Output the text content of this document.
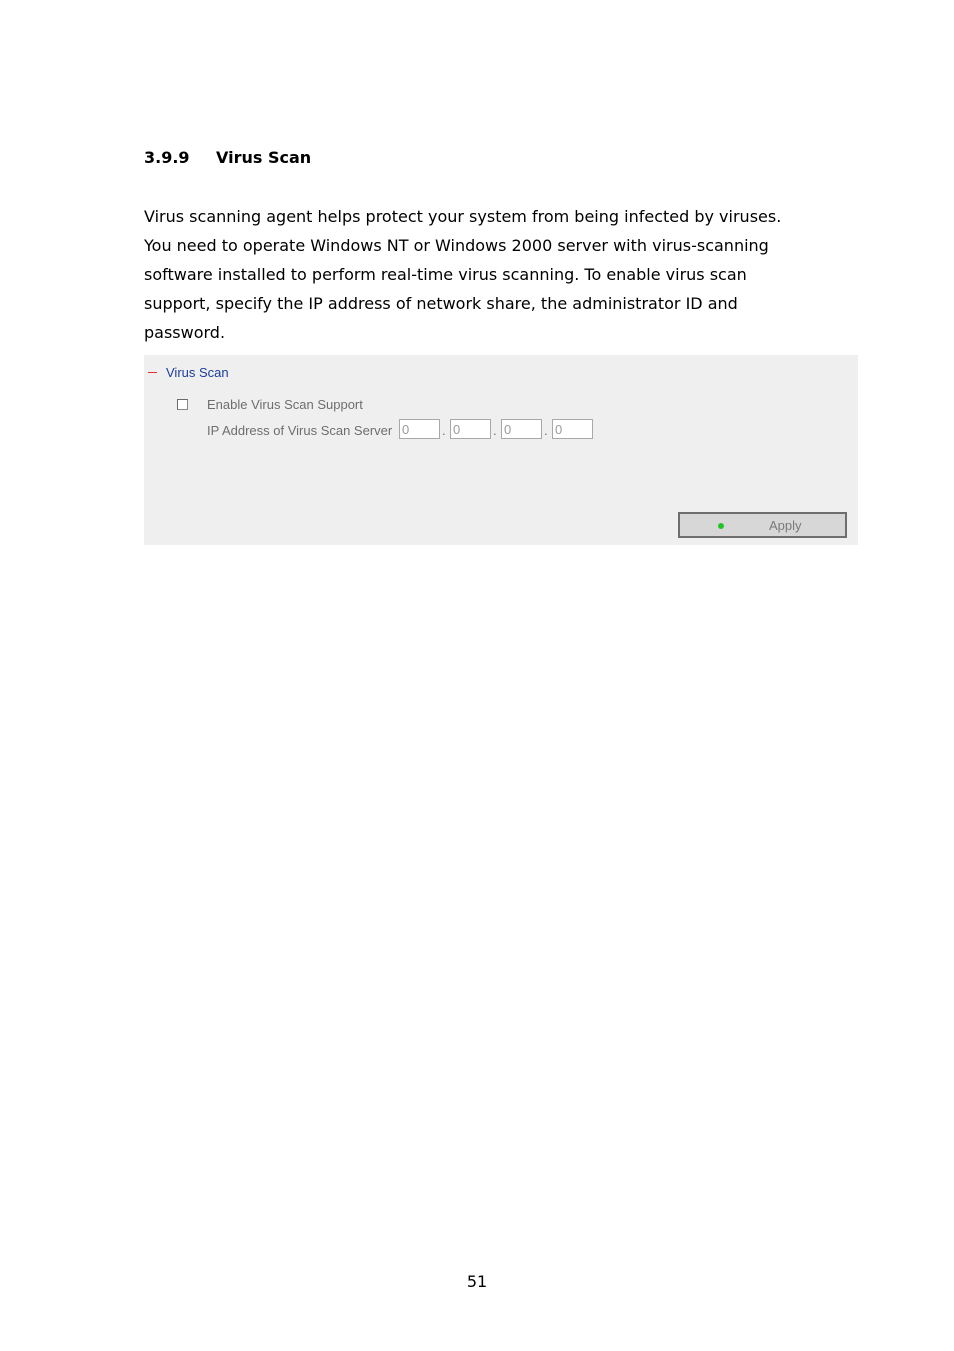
3.9.9 Virus Scan
Virus scanning agent helps protect your system from being infected by viruses.
You need to operate Windows NT or Windows 2000 server with virus-scanning
software installed to perform real-time virus scanning. To enable virus scan
support, specify the IP address of network share, the administrator ID and
password.
Virus Scan
Enable Virus Scan Support
IP Address of Virus Scan Server
0	.
0	.
0	.
0
Apply
51
